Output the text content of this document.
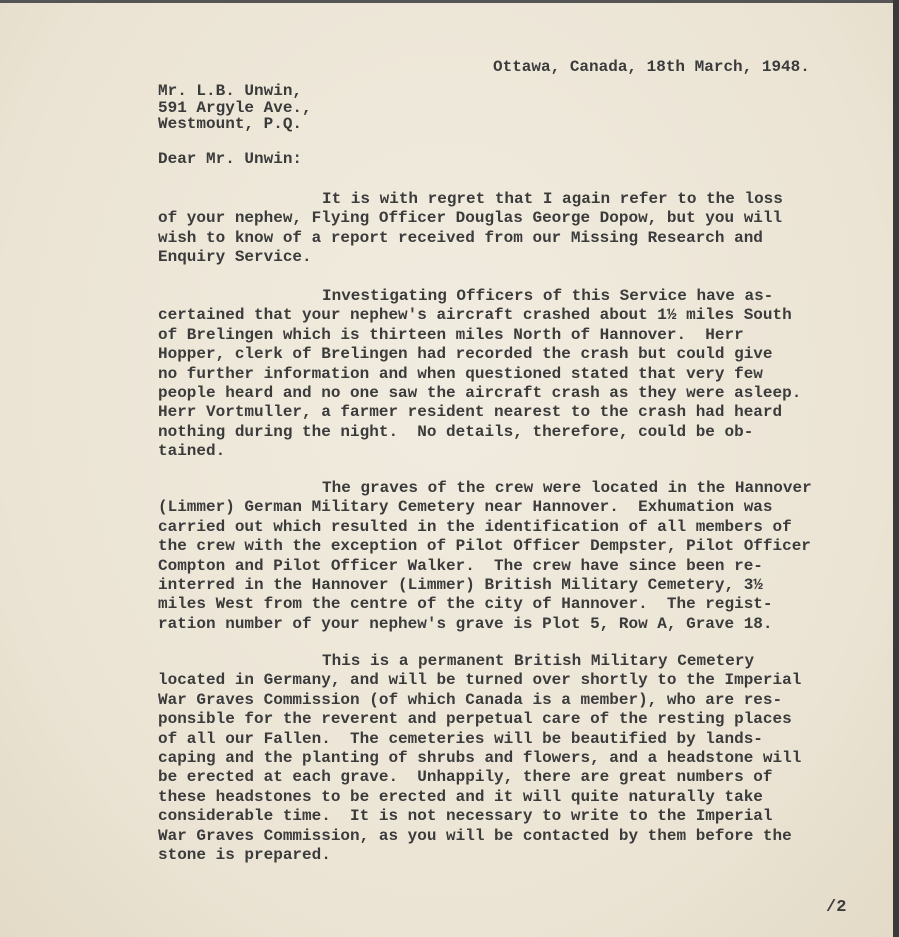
Ottawa, Canada, 18th March, 1948.
Mr. L.B. Unwin,
591 Argyle Ave.,
Westmount, P.Q.
Dear Mr. Unwin:
It is with regret that I again refer to the loss
of your nephew, Flying Officer Douglas George Dopow, but you will
wish to know of a report received from our Missing Research and
Enquiry Service.
Investigating Officers of this Service have as-
certained that your nephew's aircraft crashed about 1½ miles South
of Brelingen which is thirteen miles North of Hannover.  Herr
Hopper, clerk of Brelingen had recorded the crash but could give
no further information and when questioned stated that very few
people heard and no one saw the aircraft crash as they were asleep.
Herr Vortmuller, a farmer resident nearest to the crash had heard
nothing during the night.  No details, therefore, could be ob-
tained.
The graves of the crew were located in the Hannover
(Limmer) German Military Cemetery near Hannover.  Exhumation was
carried out which resulted in the identification of all members of
the crew with the exception of Pilot Officer Dempster, Pilot Officer
Compton and Pilot Officer Walker.  The crew have since been re-
interred in the Hannover (Limmer) British Military Cemetery, 3½
miles West from the centre of the city of Hannover.  The regist-
ration number of your nephew's grave is Plot 5, Row A, Grave 18.
This is a permanent British Military Cemetery
located in Germany, and will be turned over shortly to the Imperial
War Graves Commission (of which Canada is a member), who are res-
ponsible for the reverent and perpetual care of the resting places
of all our Fallen.  The cemeteries will be beautified by lands-
caping and the planting of shrubs and flowers, and a headstone will
be erected at each grave.  Unhappily, there are great numbers of
these headstones to be erected and it will quite naturally take
considerable time.  It is not necessary to write to the Imperial
War Graves Commission, as you will be contacted by them before the
stone is prepared.
/2
